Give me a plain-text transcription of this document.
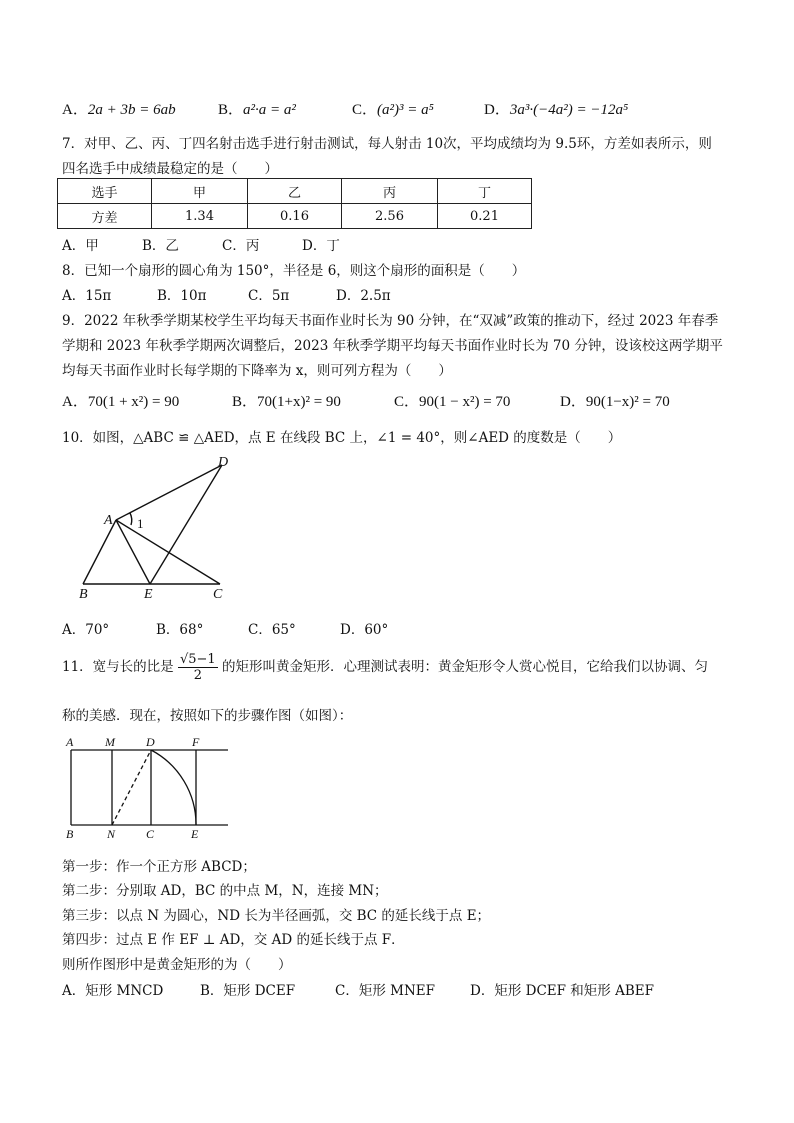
A．2a + 3b = 6ab	B．a²·a = a²	C．(a²)³ = a⁵	D．3a³·(−4a²) = −12a⁵
7．对甲、乙、丙、丁四名射击选手进行射击测试，每人射击 10次，平均成绩均为 9.5环，方差如表所示，则
四名选手中成绩最稳定的是（　　）
选手	甲	乙	丙	丁
方差	1.34	0.16	2.56	0.21
A．甲	B．乙	C．丙	D．丁
8．已知一个扇形的圆心角为 150°，半径是 6，则这个扇形的面积是（　　）
A．15π	B．10π	C．5π	D．2.5π
9．2022 年秋季学期某校学生平均每天书面作业时长为 90 分钟，在“双减”政策的推动下，经过 2023 年春季
学期和 2023 年秋季学期两次调整后，2023 年秋季学期平均每天书面作业时长为 70 分钟，设该校这两学期平
均每天书面作业时长每学期的下降率为 x，则可列方程为（　　）
A．70(1 + x²) = 90	B．70(1+x)² = 90	C．90(1 − x²) = 70	D．90(1−x)² = 70
10．如图，△ABC ≌ △AED，点 E 在线段 BC 上，∠1 = 40°，则∠AED 的度数是（　　）
A
D
B	E	C
1
A．70°	B．68°	C．65°	D．60°
11．宽与长的比是 $\frac{√5-1}{2}$ 的矩形叫黄金矩形．心理测试表明：黄金矩形令人赏心悦目，它给我们以协调、匀
称的美感．现在，按照如下的步骤作图（如图）：
A	M	D	F
B	N	C	E
第一步：作一个正方形 ABCD；
第二步：分别取 AD，BC 的中点 M，N，连接 MN；
第三步：以点 N 为圆心，ND 长为半径画弧，交 BC 的延长线于点 E；
第四步：过点 E 作 EF ⊥ AD，交 AD 的延长线于点 F．
则所作图形中是黄金矩形的为（　　）
A．矩形 MNCD	B．矩形 DCEF	C．矩形 MNEF	D．矩形 DCEF 和矩形 ABEF
